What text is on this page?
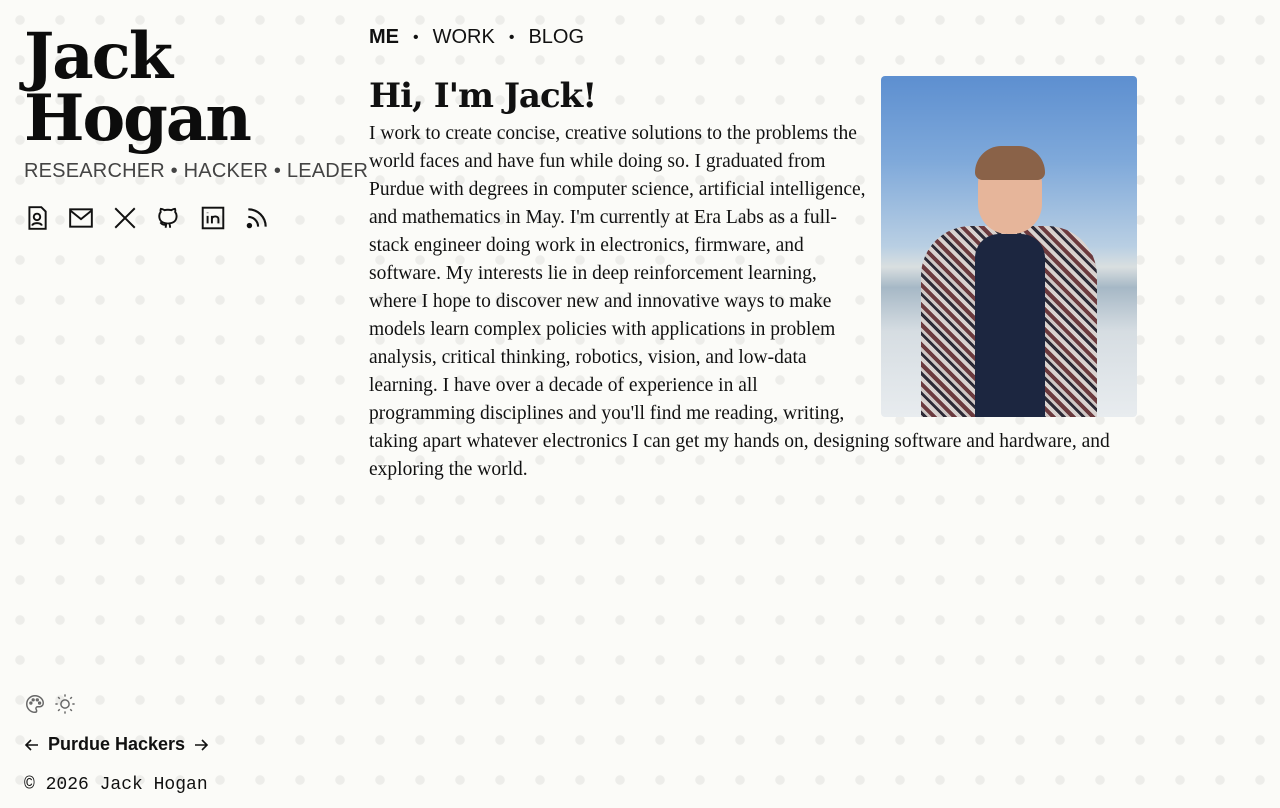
Jack
Hogan
RESEARCHER • HACKER • LEADER
ME • WORK • BLOG
Hi, I'm Jack!

I work to create concise, creative solutions to the problems the world faces and have fun while doing so. I graduated from Purdue with degrees in computer science, artificial intelligence, and mathematics in May. I'm currently at Era Labs as a full-stack engineer doing work in electronics, firmware, and software. My interests lie in deep reinforcement learning, where I hope to discover new and innovative ways to make models learn complex policies with applications in problem analysis, critical thinking, robotics, vision, and low-data learning. I have over a decade of experience in all programming disciplines and you'll find me reading, writing, taking apart whatever electronics I can get my hands on, designing software and hardware, and exploring the world.

Purdue Hackers
© 2026 Jack Hogan
